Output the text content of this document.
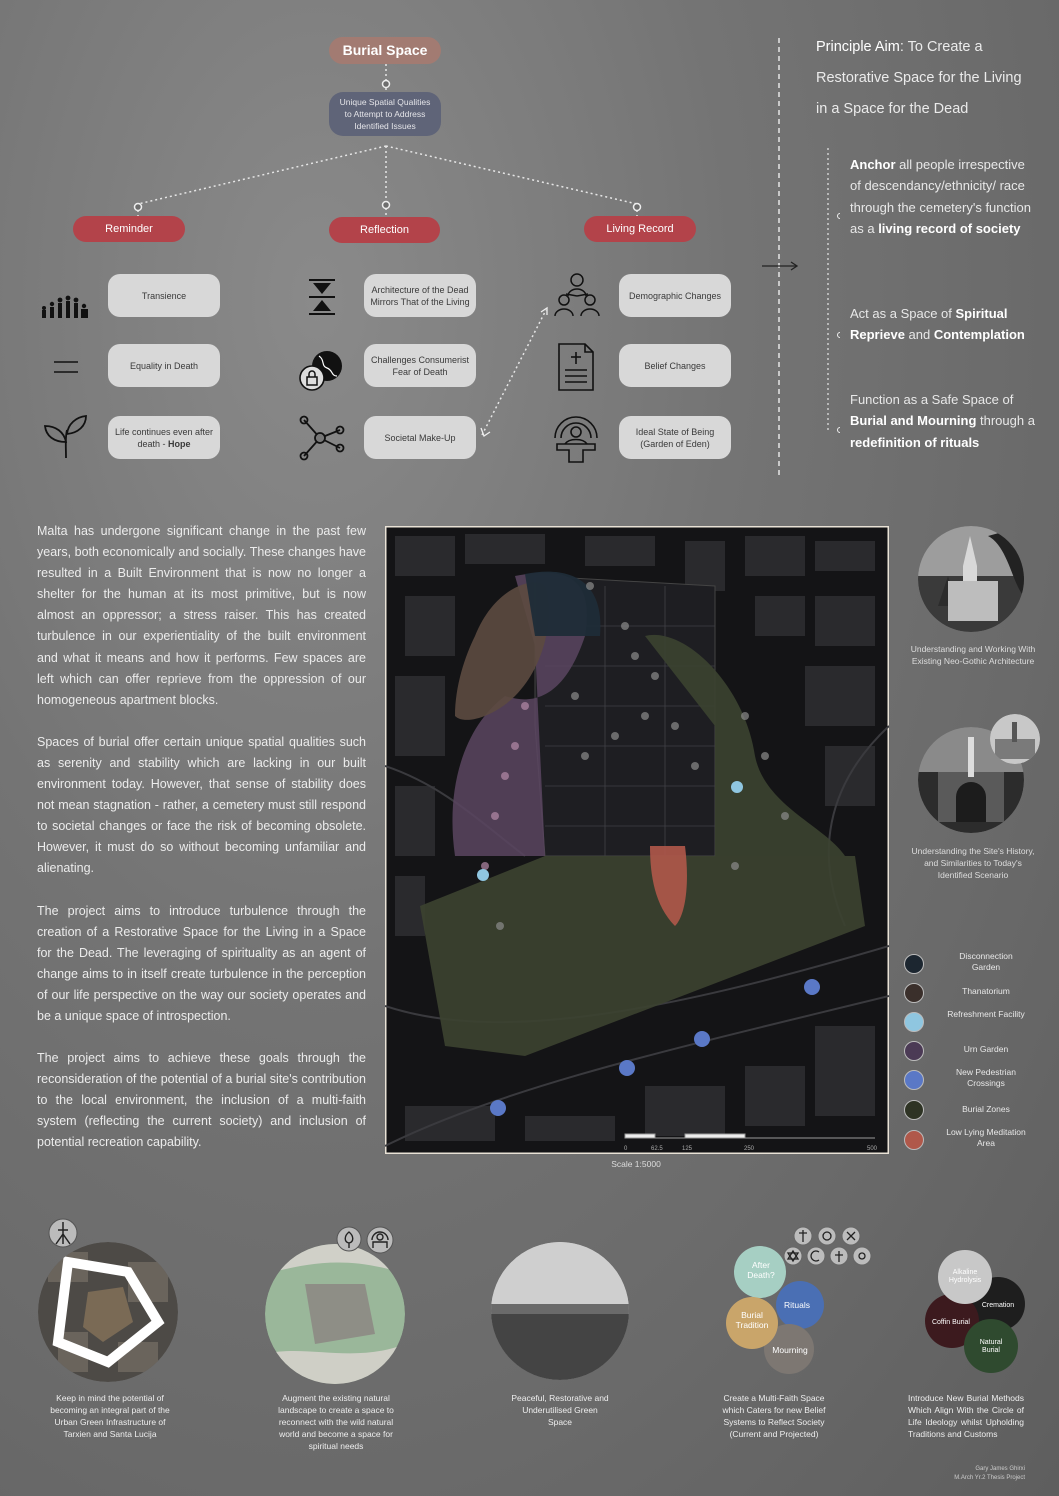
Burial Space
Unique Spatial Qualities to Attempt to Address Identified Issues
Reminder	Reflection	Living Record
Transience
Equality in Death
Life continues even after death - Hope
Architecture of the Dead Mirrors That of the Living
Challenges Consumerist Fear of Death
Societal Make-Up
Demographic Changes
Belief Changes
Ideal State of Being (Garden of Eden)
Principle Aim: To Create a Restorative Space for the Living in a Space for the Dead
Anchor all people irrespective of descendancy/ethnicity/ race through the cemetery's function as a living record of society
Act as a Space of Spiritual Reprieve and Contemplation
Function as a Safe Space of Burial and Mourning through a redefinition of rituals

Malta has undergone significant change in the past few years, both economically and socially. These changes have resulted in a Built Environment that is now no longer a shelter for the human at its most primitive, but is now almost an oppressor; a stress raiser. This has created turbulence in our experientiality of the built environment and what it means and how it performs. Few spaces are left which can offer reprieve from the oppression of our homogeneous apartment blocks.

Spaces of burial offer certain unique spatial qualities such as serenity and stability which are lacking in our built environment today. However, that sense of stability does not mean stagnation - rather, a cemetery must still respond to societal changes or face the risk of becoming obsolete. However, it must do so without becoming unfamiliar and alienating.

The project aims to introduce turbulence through the creation of a Restorative Space for the Living in a Space for the Dead. The leveraging of spirituality as an agent of change aims to in itself create turbulence in the perception of our life perspective on the way our society operates and be a unique space of introspection.

The project aims to achieve these goals through the reconsideration of the potential of a burial site's contribution to the local environment, the inclusion of a multi-faith system (reflecting the current society) and inclusion of potential recreation capability.	0	62.5	125	250	500
Scale 1:5000
Understanding and Working With Existing Neo-Gothic Architecture
Understanding the Site's History, and Similarities to Today's Identified Scenario
Disconnection Garden
Thanatorium
Refreshment Facility
Urn Garden
New Pedestrian Crossings
Burial Zones
Low Lying Meditation Area
Keep in mind the potential of becoming an integral part of the Urban Green Infrastructure of Tarxien and Santa Lucija
Augment the existing natural landscape to create a space to reconnect with the wild natural world and become a space for spiritual needs
Peaceful, Restorative and Underutilised Green Space
After Death?
Rituals
Burial Tradition
Mourning
Create a Multi-Faith Space which Caters for new Belief Systems to Reflect Society (Current and Projected)
Alkaline Hydrolysis
Cremation
Coffin Burial
Natural Burial
Introduce New Burial Methods Which Align With the Circle of Life Ideology whilst Upholding Traditions and Customs
Gary James Ghirxi
M.Arch Yr.2 Thesis Project
